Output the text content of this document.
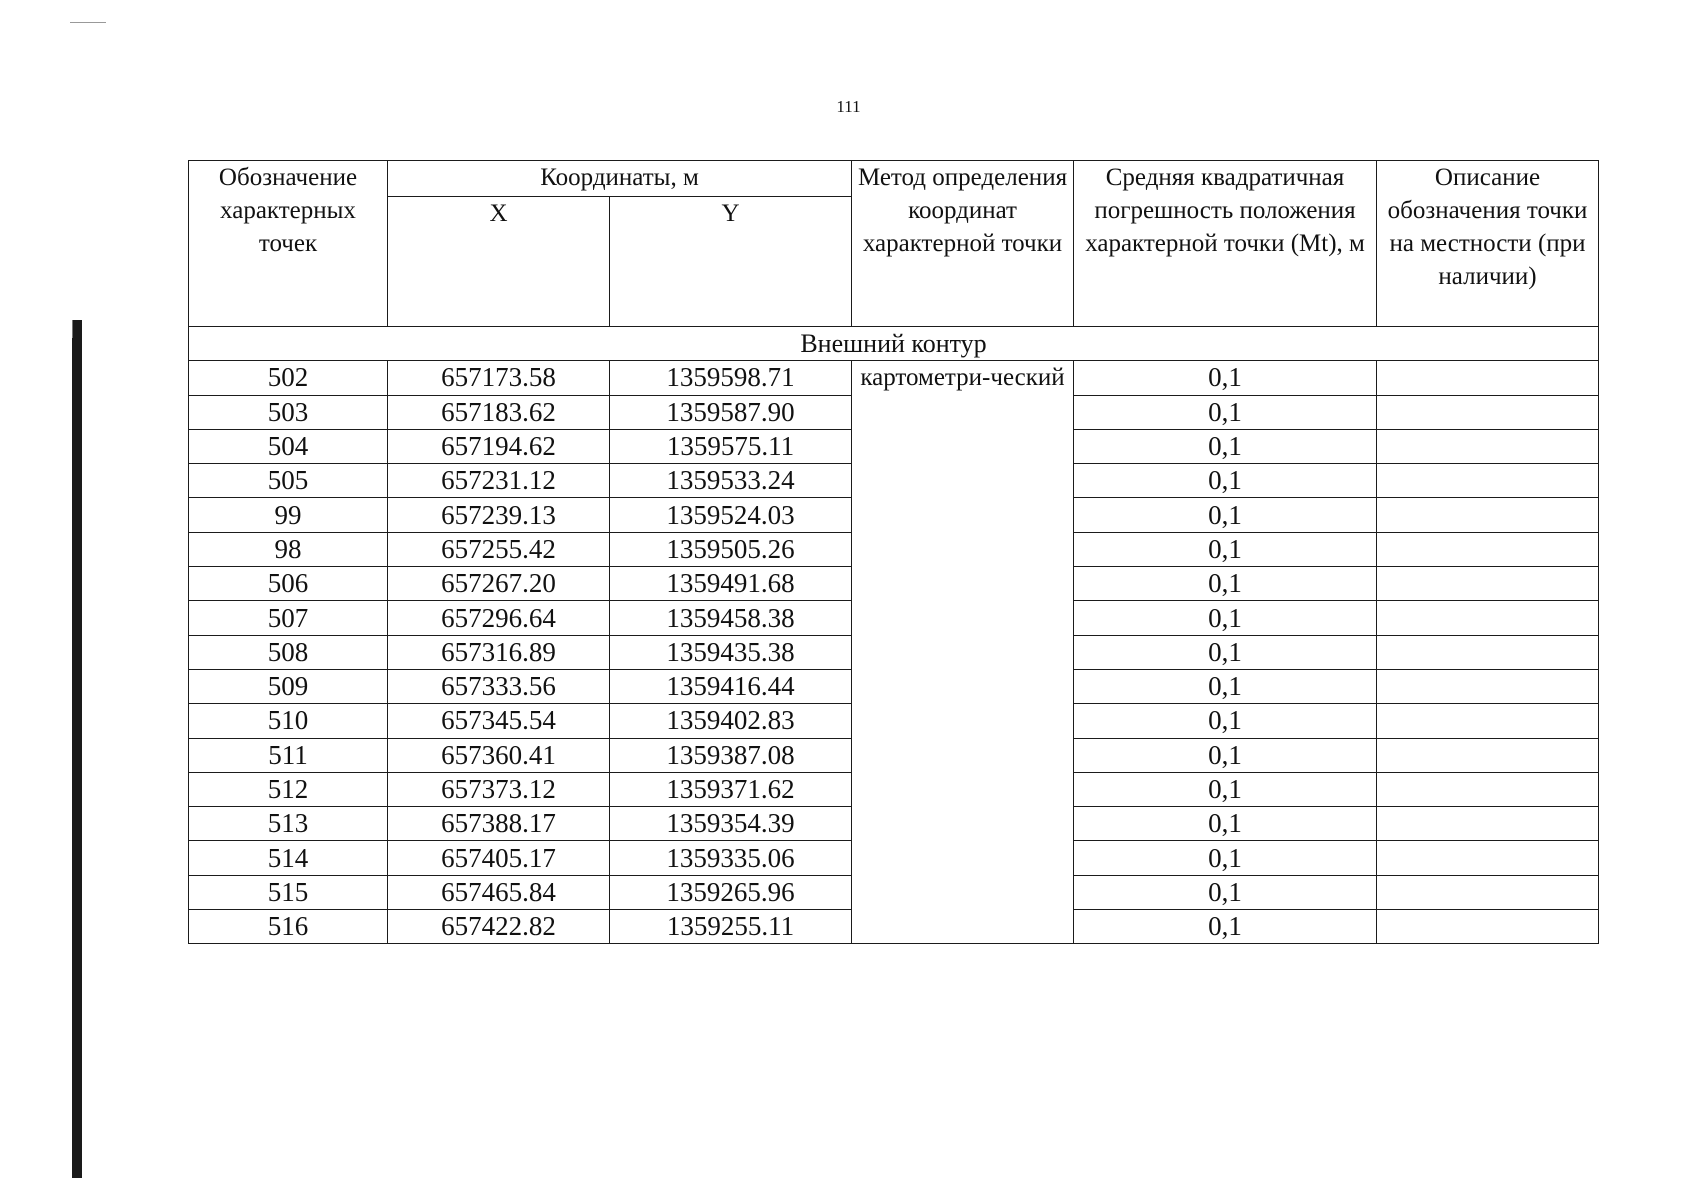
111
Обозначение характерных точек	Координаты, м		Метод определения координат характерной точки	Средняя квадратичная погрешность положения характерной точки (Mt), м	Описание обозначения точки на местности (при наличии)
	X	Y			
Внешний контур					
502	657173.58	1359598.71	картометри-ческий	0,1	
503	657183.62	1359587.90		0,1	
504	657194.62	1359575.11		0,1	
505	657231.12	1359533.24		0,1	
99	657239.13	1359524.03		0,1	
98	657255.42	1359505.26		0,1	
506	657267.20	1359491.68		0,1	
507	657296.64	1359458.38		0,1	
508	657316.89	1359435.38		0,1	
509	657333.56	1359416.44		0,1	
510	657345.54	1359402.83		0,1	
511	657360.41	1359387.08		0,1	
512	657373.12	1359371.62		0,1	
513	657388.17	1359354.39		0,1	
514	657405.17	1359335.06		0,1	
515	657465.84	1359265.96		0,1	
516	657422.82	1359255.11		0,1	
